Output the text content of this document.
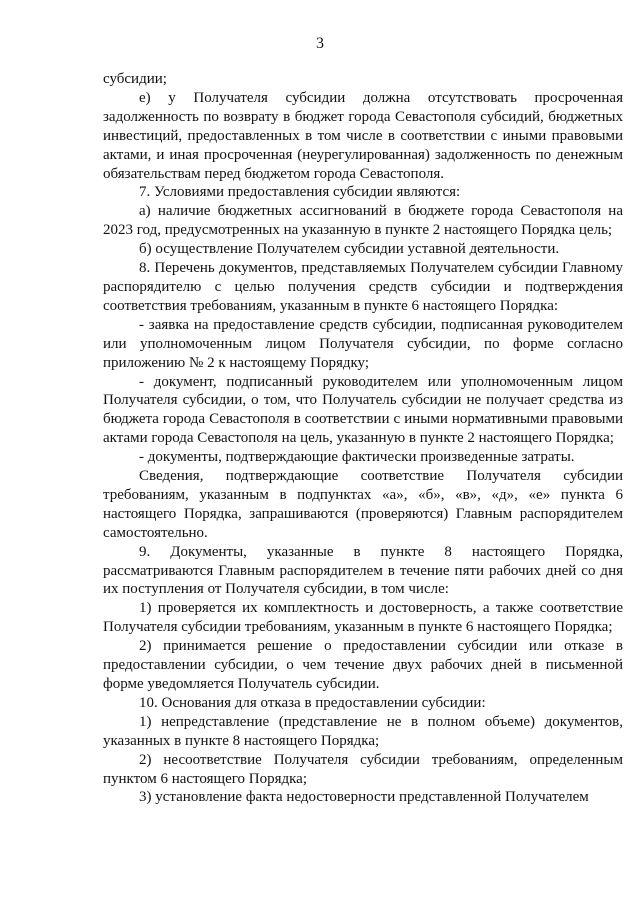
3

субсидии;

е) у Получателя субсидии должна отсутствовать просроченная задолженность по возврату в бюджет города Севастополя субсидий, бюджетных инвестиций, предоставленных в том числе в соответствии с иными правовыми актами, и иная просроченная (неурегулированная) задолженность по денежным обязательствам перед бюджетом города Севастополя.

7. Условиями предоставления субсидии являются:

а) наличие бюджетных ассигнований в бюджете города Севастополя на 2023 год, предусмотренных на указанную в пункте 2 настоящего Порядка цель;

б) осуществление Получателем субсидии уставной деятельности.

8. Перечень документов, представляемых Получателем субсидии Главному распорядителю с целью получения средств субсидии и подтверждения соответствия требованиям, указанным в пункте 6 настоящего Порядка:

- заявка на предоставление средств субсидии, подписанная руководителем или уполномоченным лицом Получателя субсидии, по форме согласно приложению № 2 к настоящему Порядку;

- документ, подписанный руководителем или уполномоченным лицом Получателя субсидии, о том, что Получатель субсидии не получает средства из бюджета города Севастополя в соответствии с иными нормативными правовыми актами города Севастополя на цель, указанную в пункте 2 настоящего Порядка;

- документы, подтверждающие фактически произведенные затраты.

Сведения, подтверждающие соответствие Получателя субсидии требованиям, указанным в подпунктах «а», «б», «в», «д», «е» пункта 6 настоящего Порядка, запрашиваются (проверяются) Главным распорядителем самостоятельно.

9. Документы, указанные в пункте 8 настоящего Порядка, рассматриваются Главным распорядителем в течение пяти рабочих дней со дня их поступления от Получателя субсидии, в том числе:

1) проверяется их комплектность и достоверность, а также соответствие Получателя субсидии требованиям, указанным в пункте 6 настоящего Порядка;

2) принимается решение о предоставлении субсидии или отказе в предоставлении субсидии, о чем течение двух рабочих дней в письменной форме уведомляется Получатель субсидии.

10. Основания для отказа в предоставлении субсидии:

1) непредставление (представление не в полном объеме) документов, указанных в пункте 8 настоящего Порядка;

2) несоответствие Получателя субсидии требованиям, определенным пунктом 6 настоящего Порядка;

3) установление факта недостоверности представленной Получателем
